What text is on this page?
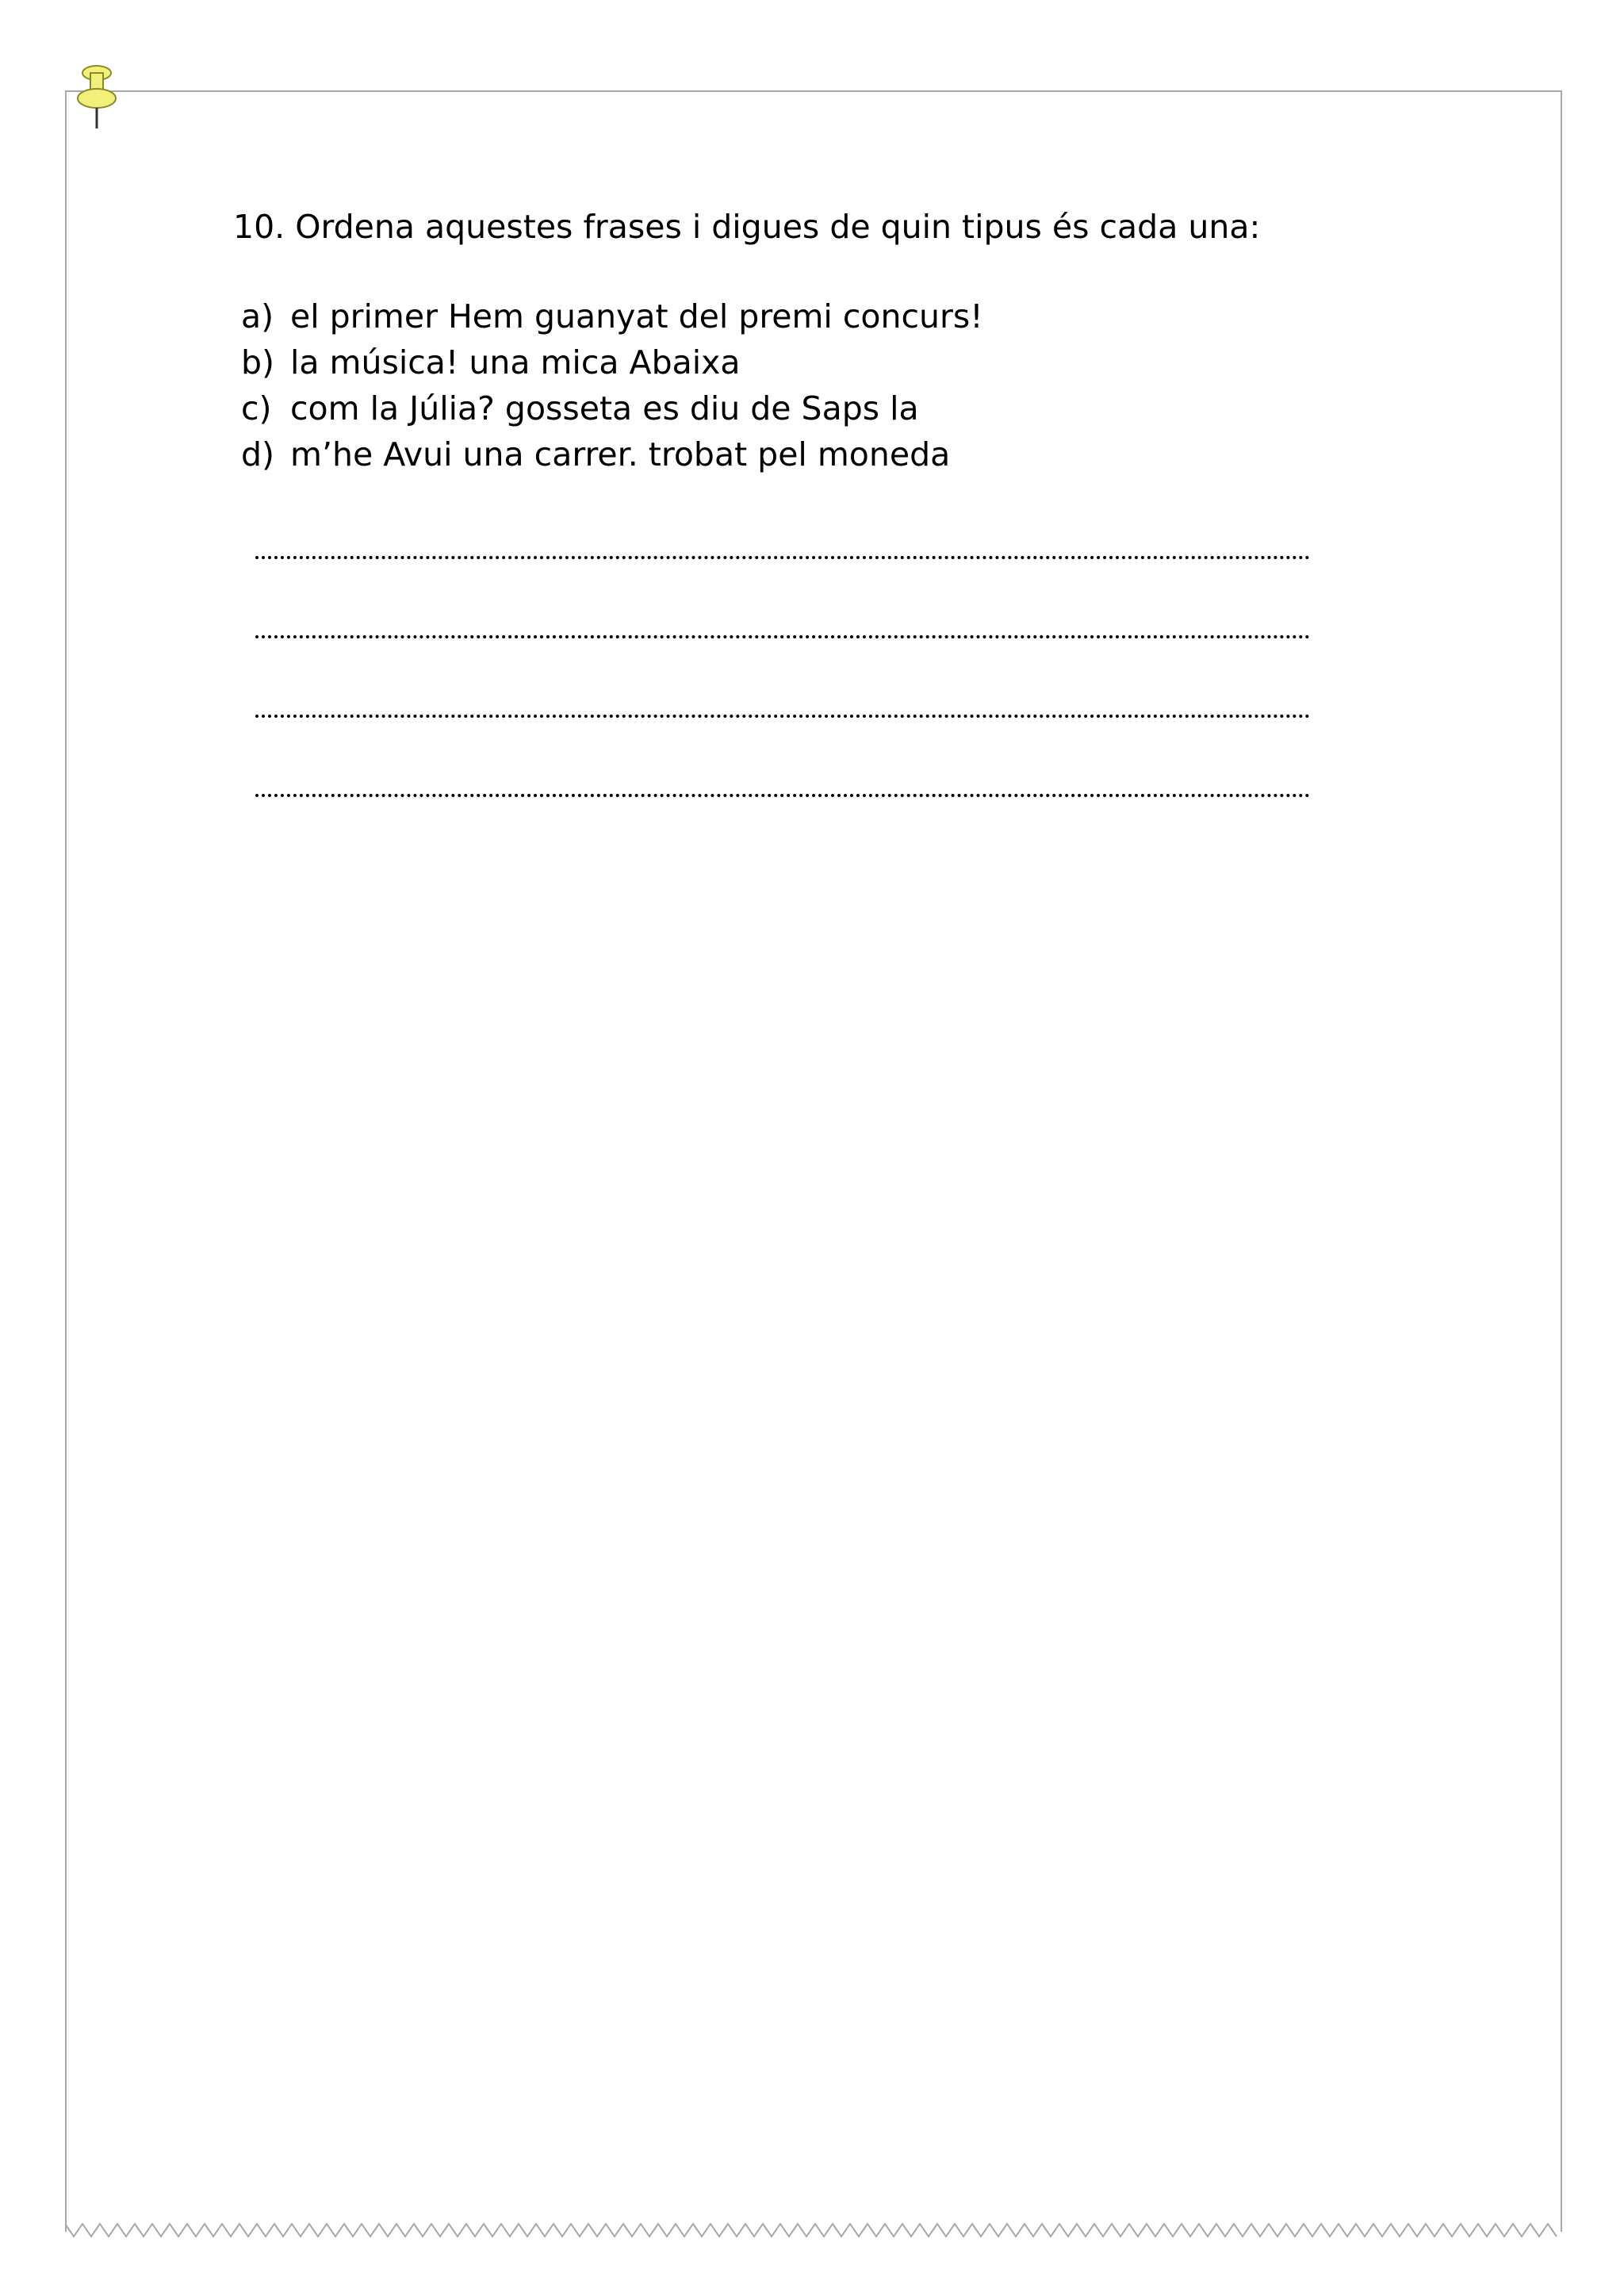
10. Ordena aquestes frases i digues de quin tipus és cada una:
a) el primer Hem guanyat del premi concurs!
b) la música! una mica Abaixa
c) com la Júlia? gosseta es diu de Saps la
d) m’he Avui una carrer. trobat pel moneda
